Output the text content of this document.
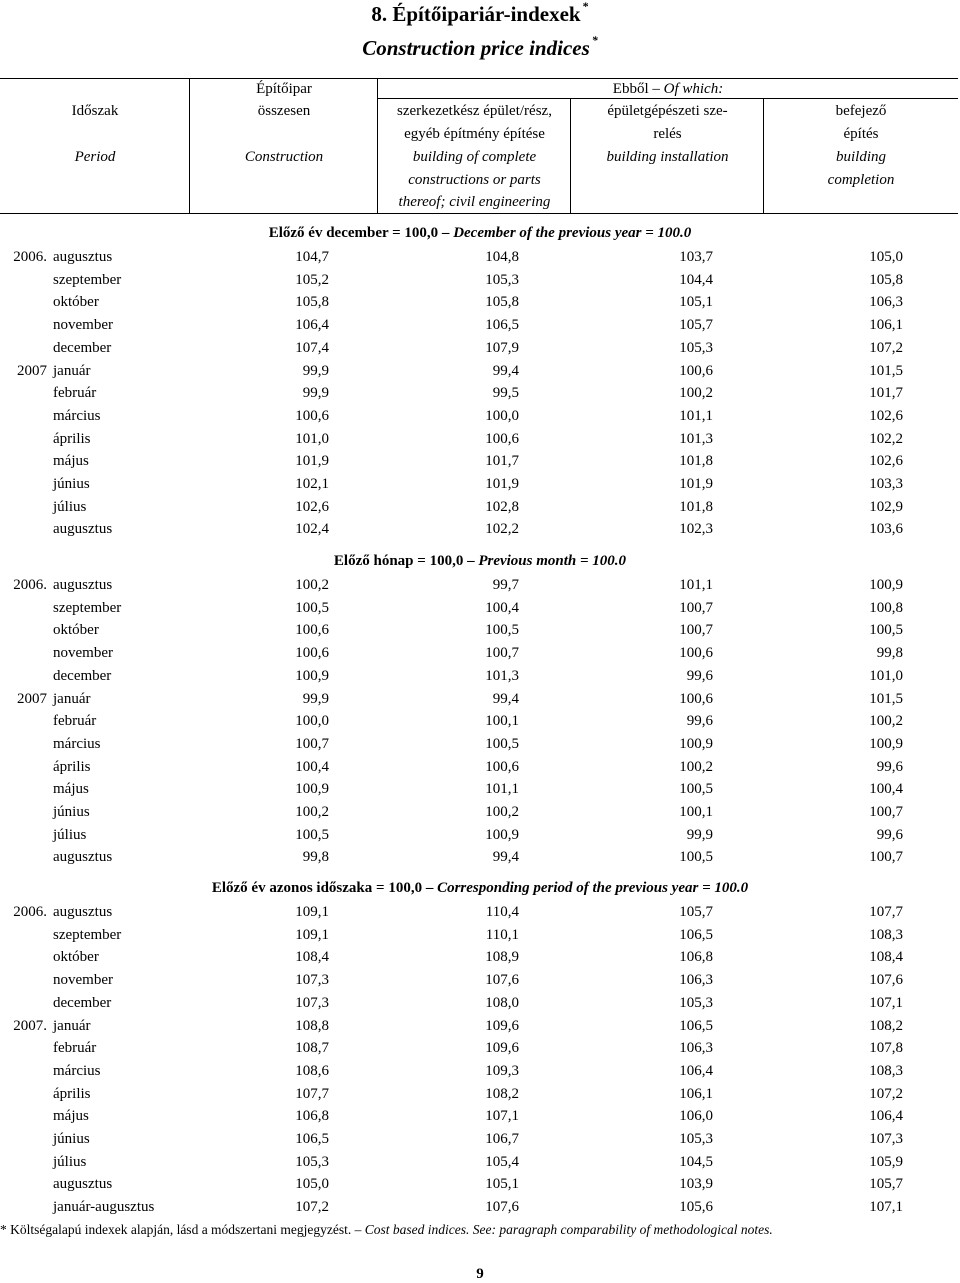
8. Építőipariár-indexek *
Construction price indices *
Időszak
Period
Építőipar
összesen
Construction
Ebből – Of which:
szerkezetkész épület/rész,
egyéb építmény építése
building of complete
constructions or parts
thereof; civil engineering
épületgépészeti sze-
relés
building installation
befejező
építés
building
completion
Előző év december = 100,0 – December of the previous year = 100.0
2006. augusztus	104,7	104,8	103,7	105,0
szeptember	105,2	105,3	104,4	105,8
október	105,8	105,8	105,1	106,3
november	106,4	106,5	105,7	106,1
december	107,4	107,9	105,3	107,2
2007 január	99,9	99,4	100,6	101,5
február	99,9	99,5	100,2	101,7
március	100,6	100,0	101,1	102,6
április	101,0	100,6	101,3	102,2
május	101,9	101,7	101,8	102,6
június	102,1	101,9	101,9	103,3
július	102,6	102,8	101,8	102,9
augusztus	102,4	102,2	102,3	103,6
Előző hónap = 100,0 – Previous month = 100.0
2006. augusztus	100,2	99,7	101,1	100,9
szeptember	100,5	100,4	100,7	100,8
október	100,6	100,5	100,7	100,5
november	100,6	100,7	100,6	99,8
december	100,9	101,3	99,6	101,0
2007 január	99,9	99,4	100,6	101,5
február	100,0	100,1	99,6	100,2
március	100,7	100,5	100,9	100,9
április	100,4	100,6	100,2	99,6
május	100,9	101,1	100,5	100,4
június	100,2	100,2	100,1	100,7
július	100,5	100,9	99,9	99,6
augusztus	99,8	99,4	100,5	100,7
Előző év azonos időszaka = 100,0 – Corresponding period of the previous year = 100.0
2006. augusztus	109,1	110,4	105,7	107,7
szeptember	109,1	110,1	106,5	108,3
október	108,4	108,9	106,8	108,4
november	107,3	107,6	106,3	107,6
december	107,3	108,0	105,3	107,1
2007. január	108,8	109,6	106,5	108,2
február	108,7	109,6	106,3	107,8
március	108,6	109,3	106,4	108,3
április	107,7	108,2	106,1	107,2
május	106,8	107,1	106,0	106,4
június	106,5	106,7	105,3	107,3
július	105,3	105,4	104,5	105,9
augusztus	105,0	105,1	103,9	105,7
január-augusztus	107,2	107,6	105,6	107,1
* Költségalapú indexek alapján, lásd a módszertani megjegyzést. – Cost based indices. See: paragraph comparability of methodological notes.
9
